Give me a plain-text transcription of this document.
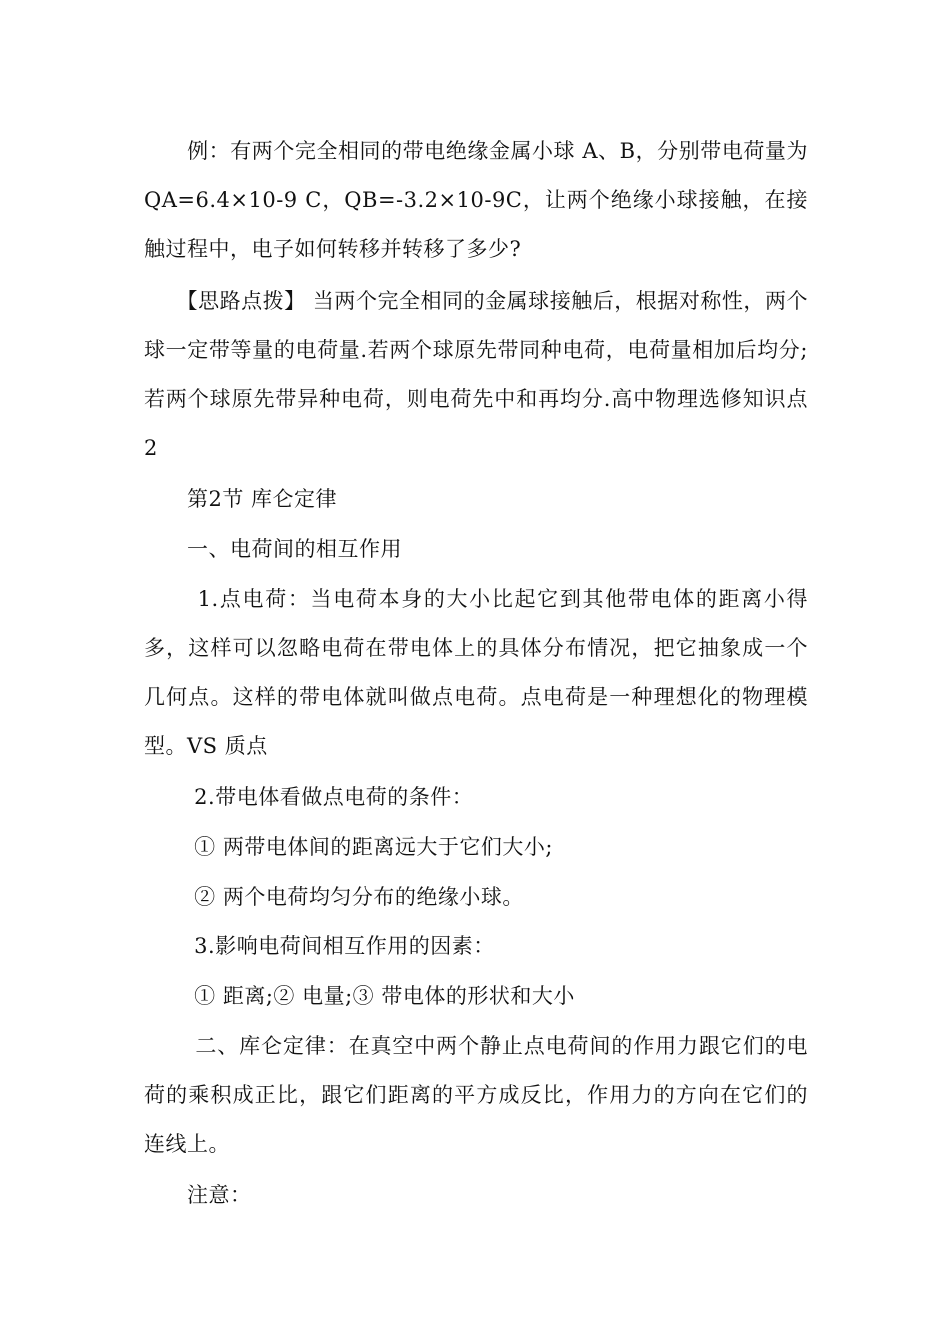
　　例：有两个完全相同的带电绝缘金属小球 A、B，分别带电荷量为 QA=6.4×10-9 C，QB=-3.2×10-9C，让两个绝缘小球接触，在接触过程中，电子如何转移并转移了多少?

　　【思路点拨】 当两个完全相同的金属球接触后，根据对称性，两个球一定带等量的电荷量.若两个球原先带同种电荷，电荷量相加后均分;若两个球原先带异种电荷，则电荷先中和再均分.高中物理选修知识点2

　　第2节 库仑定律

　　一、电荷间的相互作用

　　 1.点电荷：当电荷本身的大小比起它到其他带电体的距离小得多，这样可以忽略电荷在带电体上的具体分布情况，把它抽象成一个几何点。这样的带电体就叫做点电荷。点电荷是一种理想化的物理模型。VS 质点

　　 2.带电体看做点电荷的条件：

　　 ① 两带电体间的距离远大于它们大小;

　　 ② 两个电荷均匀分布的绝缘小球。

　　 3.影响电荷间相互作用的因素：

　　 ① 距离;② 电量;③ 带电体的形状和大小

　　 二、库仑定律：在真空中两个静止点电荷间的作用力跟它们的电荷的乘积成正比，跟它们距离的平方成反比，作用力的方向在它们的连线上。

　　注意：
